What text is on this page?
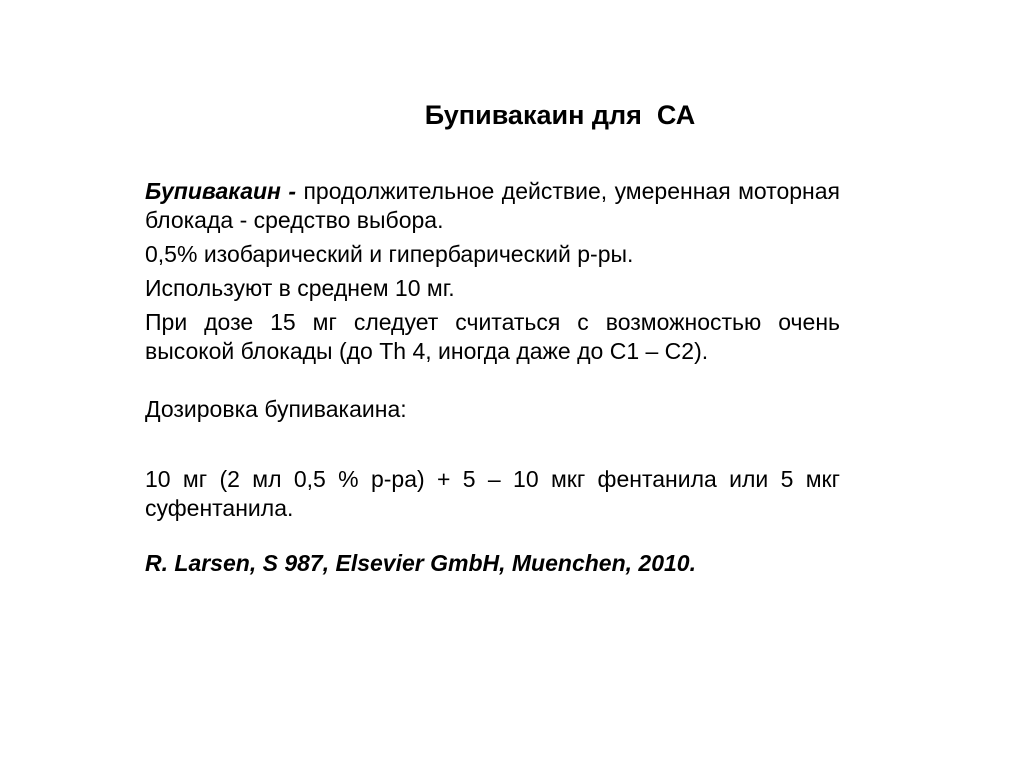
Бупивакаин для  СА

Бупивакаин - продолжительное действие, умеренная моторная блокада - средство выбора.

0,5% изобарический и гипербарический р-ры.

Используют в среднем 10 мг.

При дозе 15 мг следует считаться с возможностью очень высокой блокады (до Th 4, иногда даже до С1 – С2).

Дозировка бупивакаина:

10 мг (2 мл 0,5 % р-ра) + 5 – 10 мкг фентанила или 5 мкг суфентанила.

R. Larsen, S 987, Elsevier GmbH, Muenchen, 2010.
